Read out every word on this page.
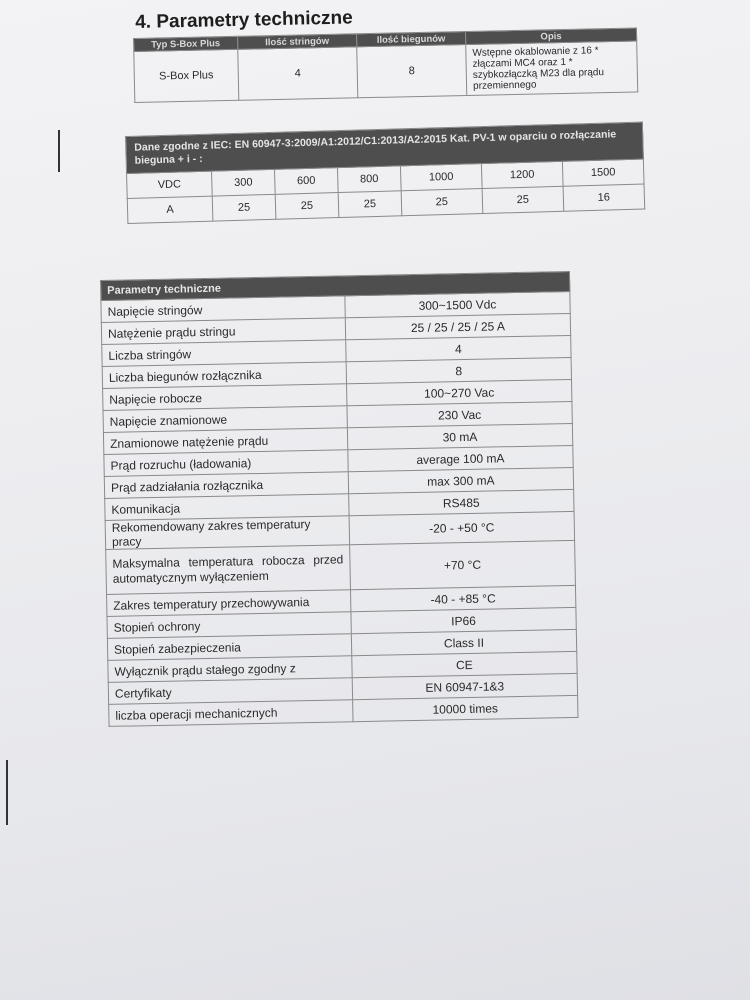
4. Parametry techniczne
Typ S-Box Plus	Ilość stringów	Ilość biegunów	Opis
S-Box Plus	4	8	Wstępne okablowanie z 16 * złączami MC4 oraz 1 * szybkozłączką M23 dla prądu przemiennego
Dane zgodne z IEC: EN 60947-3:2009/A1:2012/C1:2013/A2:2015 Kat. PV-1 w oparciu o rozłączanie bieguna + i - :						
VDC	300	600	800	1000	1200	1500
A	25	25	25	25	25	16
Parametry techniczne	
Napięcie stringów	300~1500 Vdc
Natężenie prądu stringu	25 / 25 / 25 / 25 A
Liczba stringów	4
Liczba biegunów rozłącznika	8
Napięcie robocze	100~270 Vac
Napięcie znamionowe	230 Vac
Znamionowe natężenie prądu	30 mA
Prąd rozruchu (ładowania)	average 100 mA
Prąd zadziałania rozłącznika	max 300 mA
Komunikacja	RS485
Rekomendowany zakres temperatury pracy	-20 - +50 °C
Maksymalna temperatura robocza przed automatycznym wyłączeniem	+70 °C
Zakres temperatury przechowywania	-40 - +85 °C
Stopień ochrony	IP66
Stopień zabezpieczenia	Class II
Wyłącznik prądu stałego zgodny z	CE
Certyfikaty	EN 60947-1&3
liczba operacji mechanicznych	10000 times
